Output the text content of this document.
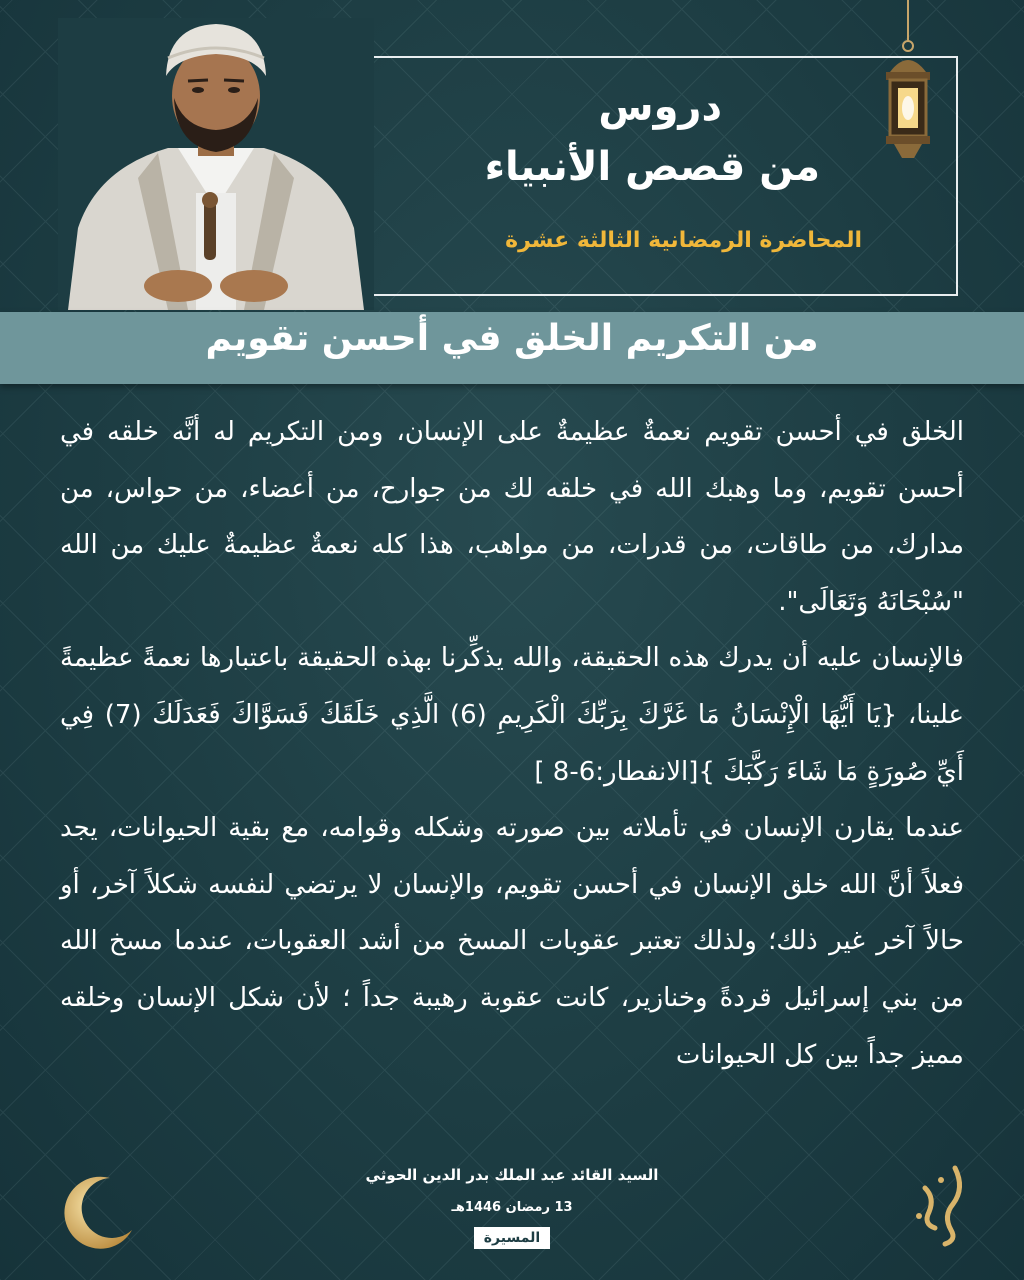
دروس
من قصص الأنبياء
المحاضرة الرمضانية الثالثة عشرة
من التكريم الخلق في أحسن تقويم

الخلق في أحسن تقويم نعمةٌ عظيمةٌ على الإنسان، ومن التكريم له أنَّه خلقه في أحسن تقويم، وما وهبك الله في خلقه لك من جوارح، من أعضاء، من حواس، من مدارك، من طاقات، من قدرات، من مواهب، هذا كله نعمةٌ عظيمةٌ عليك من الله "سُبْحَانَهُ وَتَعَالَى".

فالإنسان عليه أن يدرك هذه الحقيقة، والله يذكِّرنا بهذه الحقيقة باعتبارها نعمةً عظيمةً علينا، {يَا أَيُّهَا الْإِنْسَانُ مَا غَرَّكَ بِرَبِّكَ الْكَرِيمِ (6) الَّذِي خَلَقَكَ فَسَوَّاكَ فَعَدَلَكَ (7) فِي أَيِّ صُورَةٍ مَا شَاءَ رَكَّبَكَ }[الانفطار:6-8 ]

عندما يقارن الإنسان في تأملاته بين صورته وشكله وقوامه، مع بقية الحيوانات، يجد فعلاً أنَّ الله خلق الإنسان في أحسن تقويم، والإنسان لا يرتضي لنفسه شكلاً آخر، أو حالاً آخر غير ذلك؛ ولذلك تعتبر عقوبات المسخ من أشد العقوبات، عندما مسخ الله من بني إسرائيل قردةً وخنازير، كانت عقوبة رهيبة جداً ؛ لأن شكل الإنسان وخلقه مميز جداً بين كل الحيوانات

السيد القائد عبد الملك بدر الدين الحوثي
13 رمضان 1446هـ
المسيرة
